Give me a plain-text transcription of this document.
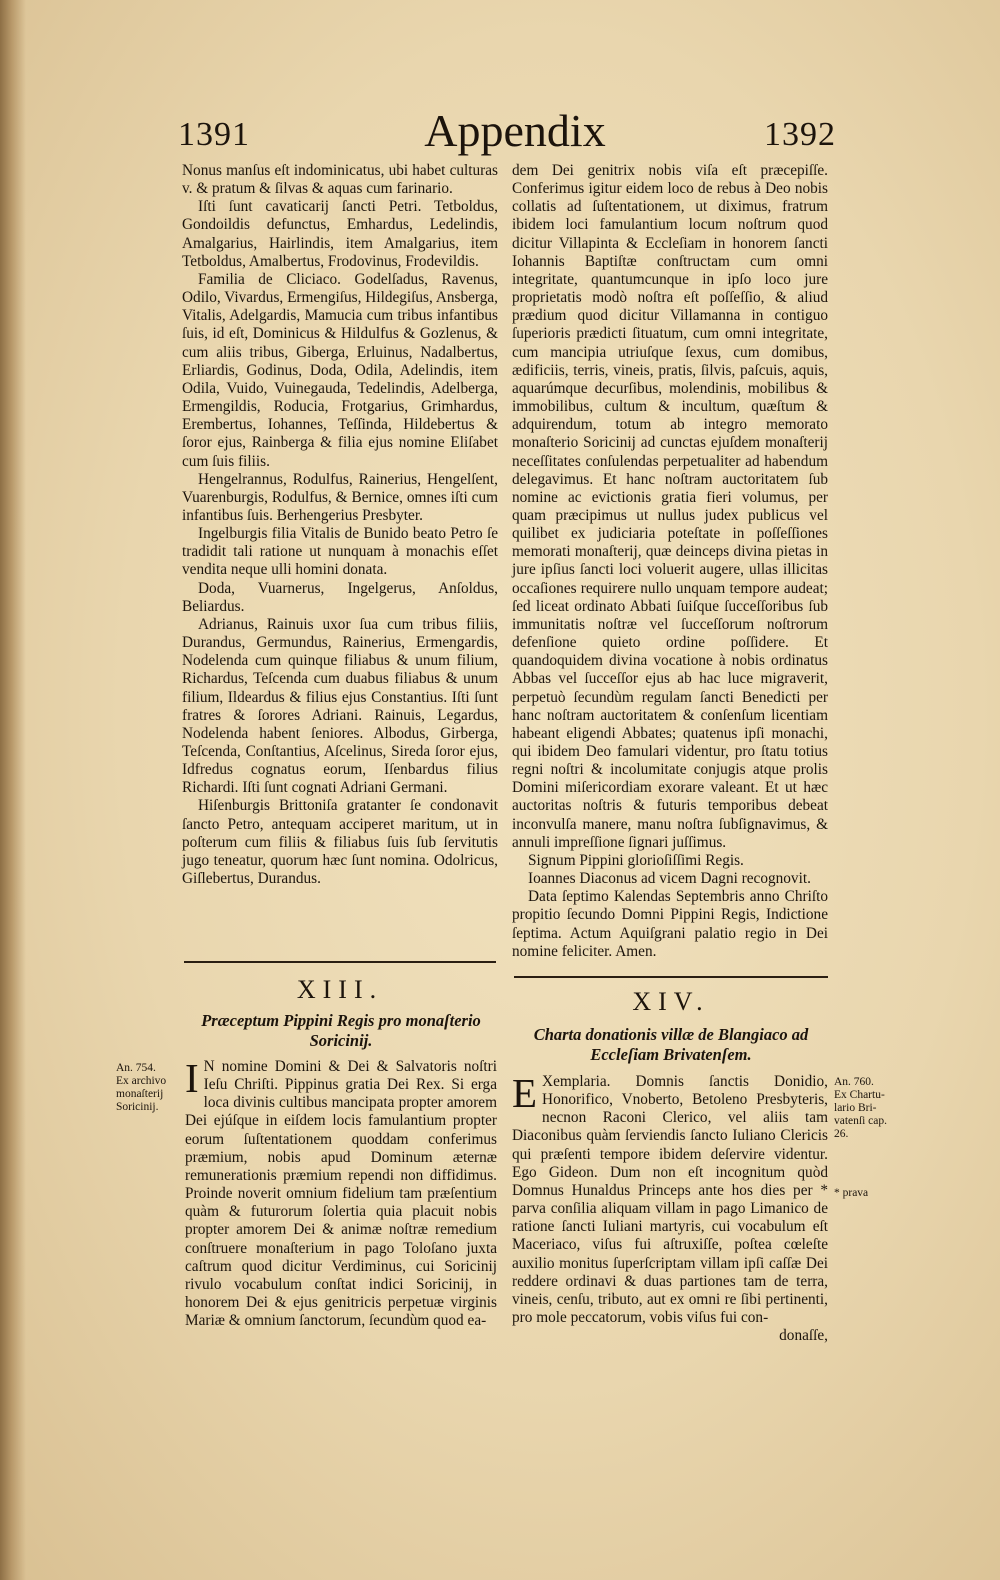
1391	Appendix	1392

Nonus manſus eſt indominicatus, ubi habet culturas v. & pratum & ſilvas & aquas cum farinario.

Iſti ſunt cavaticarij ſancti Petri. Tetboldus, Gondoildis defunctus, Emhardus, Ledelindis, Amalgarius, Hairlindis, item Amalgarius, item Tetboldus, Amalbertus, Frodovinus, Frodevildis.

Familia de Cliciaco. Godelſadus, Ravenus, Odilo, Vivardus, Ermengiſus, Hildegiſus, Ansberga, Vitalis, Adelgardis, Mamucia cum tribus infantibus ſuis, id eſt, Dominicus & Hildulfus & Gozlenus, & cum aliis tribus, Giberga, Erluinus, Nadalbertus, Erliardis, Godinus, Doda, Odila, Adelindis, item Odila, Vuido, Vuinegauda, Tedelindis, Adelberga, Ermengildis, Roducia, Frotgarius, Grimhardus, Erembertus, Iohannes, Teſſinda, Hildebertus & ſoror ejus, Rainberga & filia ejus nomine Eliſabet cum ſuis filiis.

Hengelrannus, Rodulfus, Rainerius, Hengelſent, Vuarenburgis, Rodulfus, & Bernice, omnes iſti cum infantibus ſuis. Berhengerius Presbyter.

Ingelburgis filia Vitalis de Bunido beato Petro ſe tradidit tali ratione ut nunquam à monachis eſſet vendita neque ulli homini donata.

Doda, Vuarnerus, Ingelgerus, Anſoldus, Beliardus.

Adrianus, Rainuis uxor ſua cum tribus filiis, Durandus, Germundus, Rainerius, Ermengardis, Nodelenda cum quinque filiabus & unum filium, Richardus, Teſcenda cum duabus filiabus & unum filium, Ildeardus & filius ejus Constantius. Iſti ſunt fratres & ſorores Adriani. Rainuis, Legardus, Nodelenda habent ſeniores. Albodus, Girberga, Teſcenda, Conſtantius, Aſcelinus, Sireda ſoror ejus, Idfredus cognatus eorum, Iſenbardus filius Richardi. Iſti ſunt cognati Adriani Germani.

Hiſenburgis Brittoniſa gratanter ſe condonavit ſancto Petro, antequam acciperet maritum, ut in poſterum cum filiis & filiabus ſuis ſub ſervitutis jugo teneatur, quorum hæc ſunt nomina. Odolricus, Giſlebertus, Durandus.

dem Dei genitrix nobis viſa eſt præcepiſſe. Conferimus igitur eidem loco de rebus à Deo nobis collatis ad ſuſtentationem, ut diximus, fratrum ibidem loci famulantium locum noſtrum quod dicitur Villapinta & Eccleſiam in honorem ſancti Iohannis Baptiſtæ conſtructam cum omni integritate, quantumcunque in ipſo loco jure proprietatis modò noſtra eſt poſſeſſio, & aliud prædium quod dicitur Villamanna in contiguo ſuperioris prædicti ſituatum, cum omni integritate, cum mancipia utriuſque ſexus, cum domibus, ædificiis, terris, vineis, pratis, ſilvis, paſcuis, aquis, aquarúmque decurſibus, molendinis, mobilibus & immobilibus, cultum & incultum, quæſtum & adquirendum, totum ab integro memorato monaſterio Soricinij ad cunctas ejuſdem monaſterij neceſſitates conſulendas perpetualiter ad habendum delegavimus. Et hanc noſtram auctoritatem ſub nomine ac evictionis gratia fieri volumus, per quam præcipimus ut nullus judex publicus vel quilibet ex judiciaria poteſtate in poſſeſſiones memorati monaſterij, quæ deinceps divina pietas in jure ipſius ſancti loci voluerit augere, ullas illicitas occaſiones requirere nullo unquam tempore audeat; ſed liceat ordinato Abbati ſuiſque ſucceſſoribus ſub immunitatis noſtræ vel ſucceſſorum noſtrorum defenſione quieto ordine poſſidere. Et quandoquidem divina vocatione à nobis ordinatus Abbas vel ſucceſſor ejus ab hac luce migraverit, perpetuò ſecundùm regulam ſancti Benedicti per hanc noſtram auctoritatem & conſenſum licentiam habeant eligendi Abbates; quatenus ipſi monachi, qui ibidem Deo famulari videntur, pro ſtatu totius regni noſtri & incolumitate conjugis atque prolis Domini miſericordiam exorare valeant. Et ut hæc auctoritas noſtris & futuris temporibus debeat inconvulſa manere, manu noſtra ſubſignavimus, & annuli impreſſione ſignari juſſimus.

Signum Pippini glorioſiſſimi Regis.

Ioannes Diaconus ad vicem Dagni recognovit.

Data ſeptimo Kalendas Septembris anno Chriſto propitio ſecundo Domni Pippini Regis, Indictione ſeptima. Actum Aquiſgrani palatio regio in Dei nomine feliciter. Amen.

XIII.
Præceptum Pippini Regis pro monaſterio Soricinij.
An. 754.
Ex archivo
monaſterij
Soricinij.
I N nomine Domini & Dei & Salvatoris noſtri Ieſu Chriſti. Pippinus gratia Dei Rex. Si erga loca divinis cultibus mancipata propter amorem Dei ejúſque in eiſdem locis famulantium propter eorum ſuſtentationem quoddam conferimus præmium, nobis apud Dominum æternæ remunerationis præmium rependi non diffidimus. Proinde noverit omnium fidelium tam præſentium quàm & futurorum ſolertia quia placuit nobis propter amorem Dei & animæ noſtræ remedium conſtruere monaſterium in pago Toloſano juxta caſtrum quod dicitur Verdiminus, cui Soricinij rivulo vocabulum conſtat indici Soricinij, in honorem Dei & ejus genitricis perpetuæ virginis Mariæ & omnium ſanctorum, ſecundùm quod ea-

XIV.
Charta donationis villæ de Blangiaco ad Eccleſiam Brivatenſem.
An. 760.
Ex Chartu-
lario Bri-
vatenſi cap.
26.
* prava
E Xemplaria. Domnis ſanctis Donidio, Honorifico, Vnoberto, Betoleno Presbyteris, necnon Raconi Clerico, vel aliis tam Diaconibus quàm ſerviendis ſancto Iuliano Clericis qui præſenti tempore ibidem deſervire videntur. Ego Gideon. Dum non eſt incognitum quòd Domnus Hunaldus Princeps ante hos dies per * parva conſilia aliquam villam in pago Limanico de ratione ſancti Iuliani martyris, cui vocabulum eſt Maceriaco, viſus fui aſtruxiſſe, poſtea cœleſte auxilio monitus ſuperſcriptam villam ipſi caſſæ Dei reddere ordinavi & duas partiones tam de terra, vineis, cenſu, tributo, aut ex omni re ſibi pertinenti, pro mole peccatorum, vobis viſus fui con-

donaſſe,
